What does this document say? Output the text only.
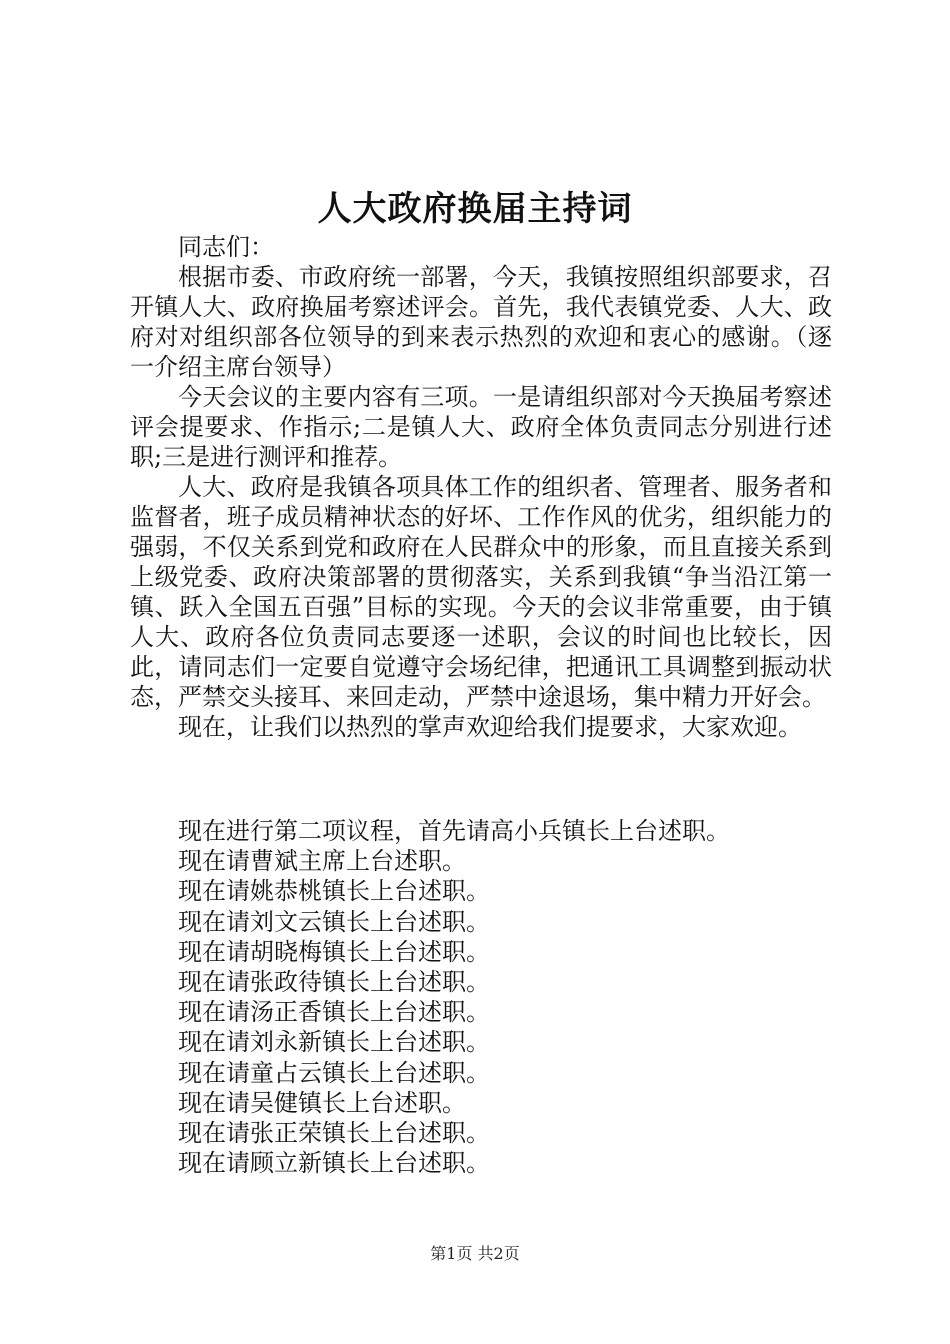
人大政府换届主持词

同志们：

根据市委、市政府统一部署，今天，我镇按照组织部要求，召开镇人大、政府换届考察述评会。首先，我代表镇党委、人大、政府对对组织部各位领导的到来表示热烈的欢迎和衷心的感谢。（逐一介绍主席台领导）

今天会议的主要内容有三项。一是请组织部对今天换届考察述评会提要求、作指示;二是镇人大、政府全体负责同志分别进行述职;三是进行测评和推荐。

人大、政府是我镇各项具体工作的组织者、管理者、服务者和监督者，班子成员精神状态的好坏、工作作风的优劣，组织能力的强弱，不仅关系到党和政府在人民群众中的形象，而且直接关系到上级党委、政府决策部署的贯彻落实，关系到我镇“争当沿江第一镇、跃入全国五百强”目标的实现。今天的会议非常重要，由于镇人大、政府各位负责同志要逐一述职，会议的时间也比较长，因此，请同志们一定要自觉遵守会场纪律，把通讯工具调整到振动状态，严禁交头接耳、来回走动，严禁中途退场，集中精力开好会。

现在，让我们以热烈的掌声欢迎给我们提要求，大家欢迎。

现在进行第二项议程，首先请高小兵镇长上台述职。

现在请曹斌主席上台述职。

现在请姚恭桃镇长上台述职。

现在请刘文云镇长上台述职。

现在请胡晓梅镇长上台述职。

现在请张政待镇长上台述职。

现在请汤正香镇长上台述职。

现在请刘永新镇长上台述职。

现在请童占云镇长上台述职。

现在请吴健镇长上台述职。

现在请张正荣镇长上台述职。

现在请顾立新镇长上台述职。

第1页 共2页
